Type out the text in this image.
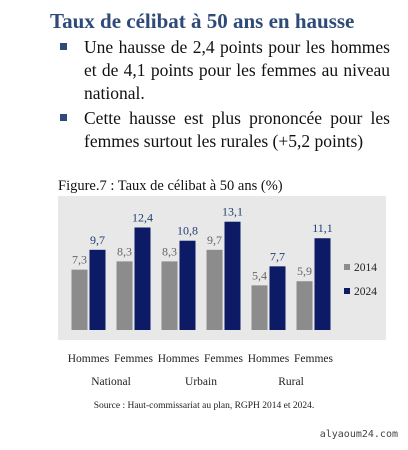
Taux de célibat à 50 ans en hausse
Une hausse de 2,4 points pour les hommes et de 4,1 points pour les femmes au niveau national.
Cette hausse est plus prononcée pour les femmes surtout les rurales (+5,2 points)
Figure.7 : Taux de célibat à 50 ans (%)
7,3
9,7
Hommes
8,3
12,4
Femmes
8,3
10,8
Hommes
9,7
13,1
Femmes
5,4
7,7
Hommes
5,9
11,1
Femmes
National	Urbain	Rural
2014
2024
Source : Haut-commissariat au plan, RGPH 2014 et 2024.
alyaoum24.com
